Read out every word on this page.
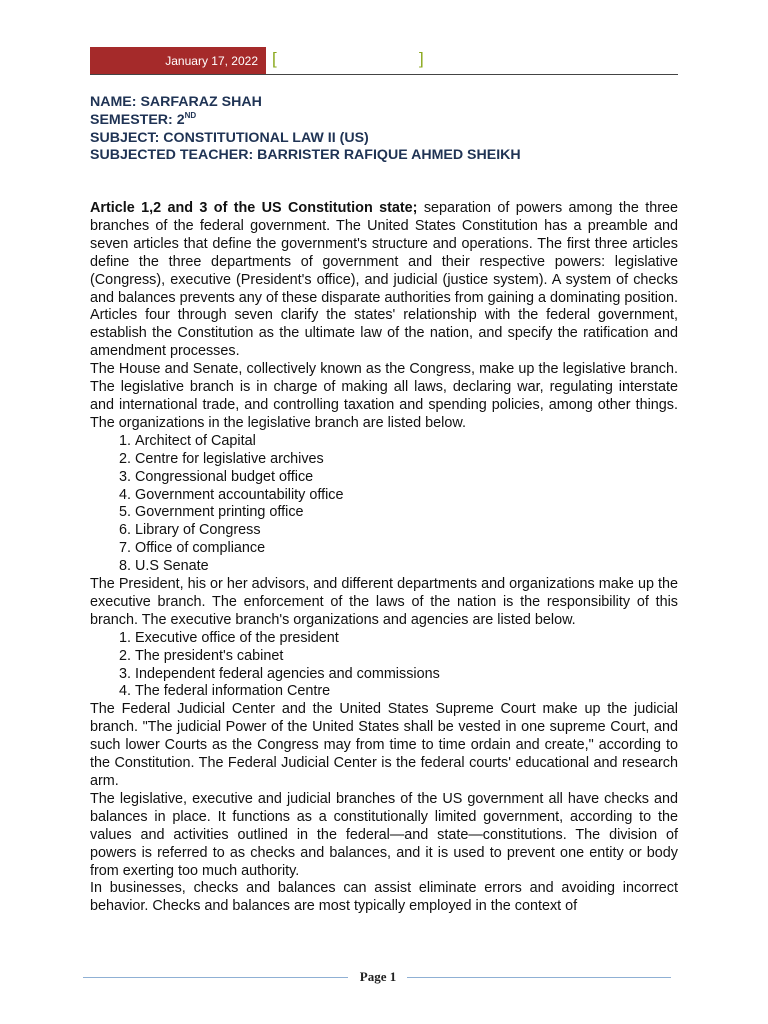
January 17, 2022 [	]
NAME: SARFARAZ SHAH
SEMESTER: 2ND
SUBJECT: CONSTITUTIONAL LAW II (US)
SUBJECTED TEACHER: BARRISTER RAFIQUE AHMED SHEIKH

Article 1,2 and 3 of the US Constitution state; separation of powers among the three branches of the federal government. The United States Constitution has a preamble and seven articles that define the government's structure and operations. The first three articles define the three departments of government and their respective powers: legislative (Congress), executive (President's office), and judicial (justice system). A system of checks and balances prevents any of these disparate authorities from gaining a dominating position. Articles four through seven clarify the states' relationship with the federal government, establish the Constitution as the ultimate law of the nation, and specify the ratification and amendment processes.

The House and Senate, collectively known as the Congress, make up the legislative branch. The legislative branch is in charge of making all laws, declaring war, regulating interstate and international trade, and controlling taxation and spending policies, among other things. The organizations in the legislative branch are listed below.

1. Architect of Capital
2. Centre for legislative archives
3. Congressional budget office
4. Government accountability office
5. Government printing office
6. Library of Congress
7. Office of compliance
8. U.S Senate

The President, his or her advisors, and different departments and organizations make up the executive branch. The enforcement of the laws of the nation is the responsibility of this branch. The executive branch's organizations and agencies are listed below.

1. Executive office of the president
2. The president's cabinet
3. Independent federal agencies and commissions
4. The federal information Centre

The Federal Judicial Center and the United States Supreme Court make up the judicial branch. "The judicial Power of the United States shall be vested in one supreme Court, and such lower Courts as the Congress may from time to time ordain and create," according to the Constitution. The Federal Judicial Center is the federal courts' educational and research arm.

The legislative, executive and judicial branches of the US government all have checks and balances in place. It functions as a constitutionally limited government, according to the values and activities outlined in the federal—and state—constitutions. The division of powers is referred to as checks and balances, and it is used to prevent one entity or body from exerting too much authority.

In businesses, checks and balances can assist eliminate errors and avoiding incorrect behavior. Checks and balances are most typically employed in the context of

Page 1
